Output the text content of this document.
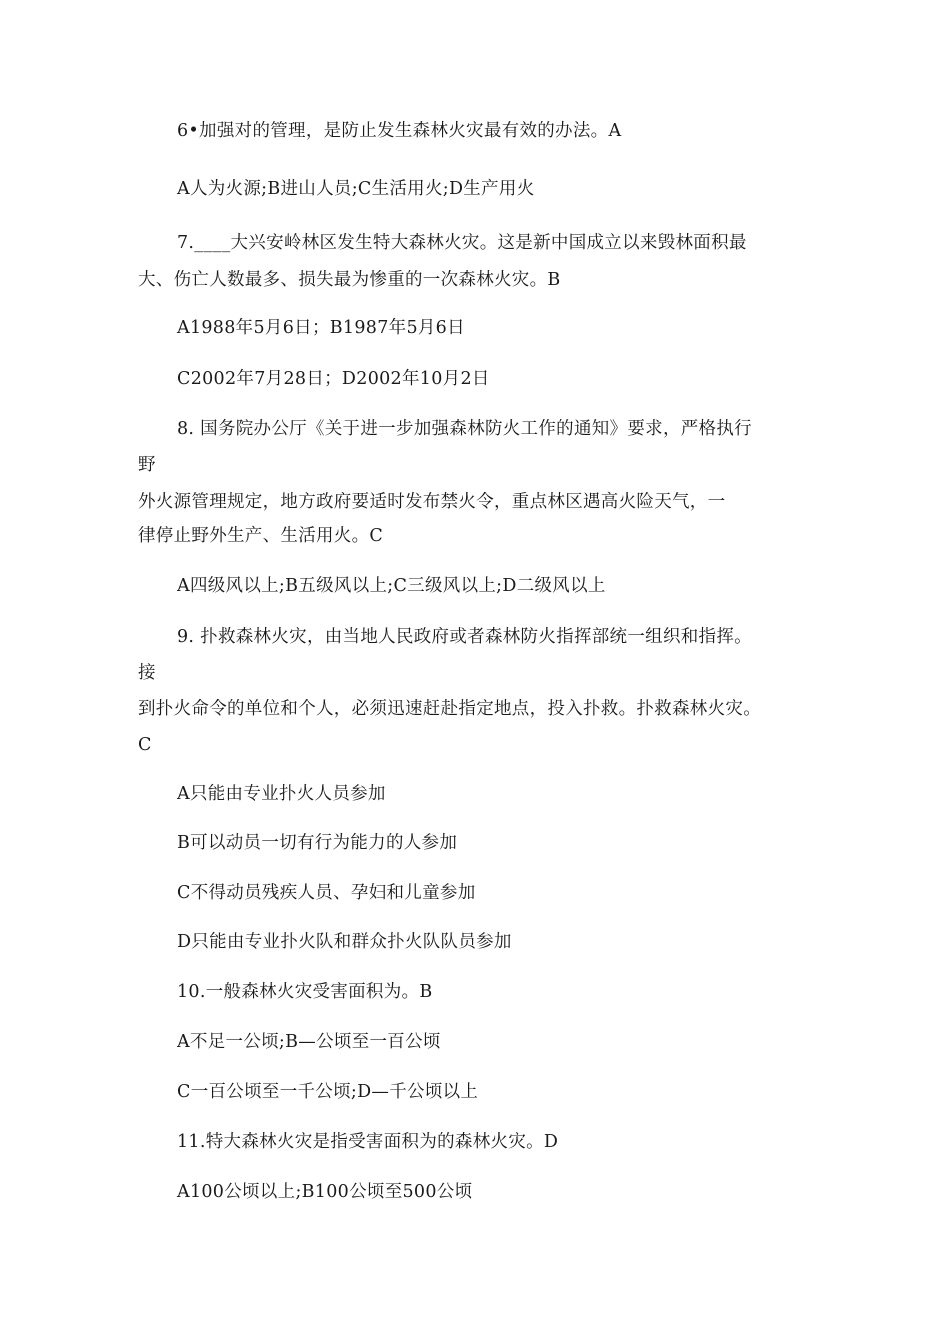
6•加强对的管理，是防止发生森林火灾最有效的办法。A
A人为火源;B进山人员;C生活用火;D生产用火
7.____大兴安岭林区发生特大森林火灾。这是新中国成立以来毁林面积最
大、伤亡人数最多、损失最为惨重的一次森林火灾。B
A1988年5月6日；B1987年5月6日
C2002年7月28日；D2002年10月2日
8. 国务院办公厅《关于进一步加强森林防火工作的通知》要求，严格执行
野
外火源管理规定，地方政府要适时发布禁火令，重点林区遇高火险天气，一
律停止野外生产、生活用火。C
A四级风以上;B五级风以上;C三级风以上;D二级风以上
9. 扑救森林火灾，由当地人民政府或者森林防火指挥部统一组织和指挥。
接
到扑火命令的单位和个人，必须迅速赶赴指定地点，投入扑救。扑救森林火灾。
C
A只能由专业扑火人员参加
B可以动员一切有行为能力的人参加
C不得动员残疾人员、孕妇和儿童参加
D只能由专业扑火队和群众扑火队队员参加
10.一般森林火灾受害面积为。B
A不足一公顷;B—公顷至一百公顷
C一百公顷至一千公顷;D—千公顷以上
11.特大森林火灾是指受害面积为的森林火灾。D
A100公顷以上;B100公顷至500公顷
